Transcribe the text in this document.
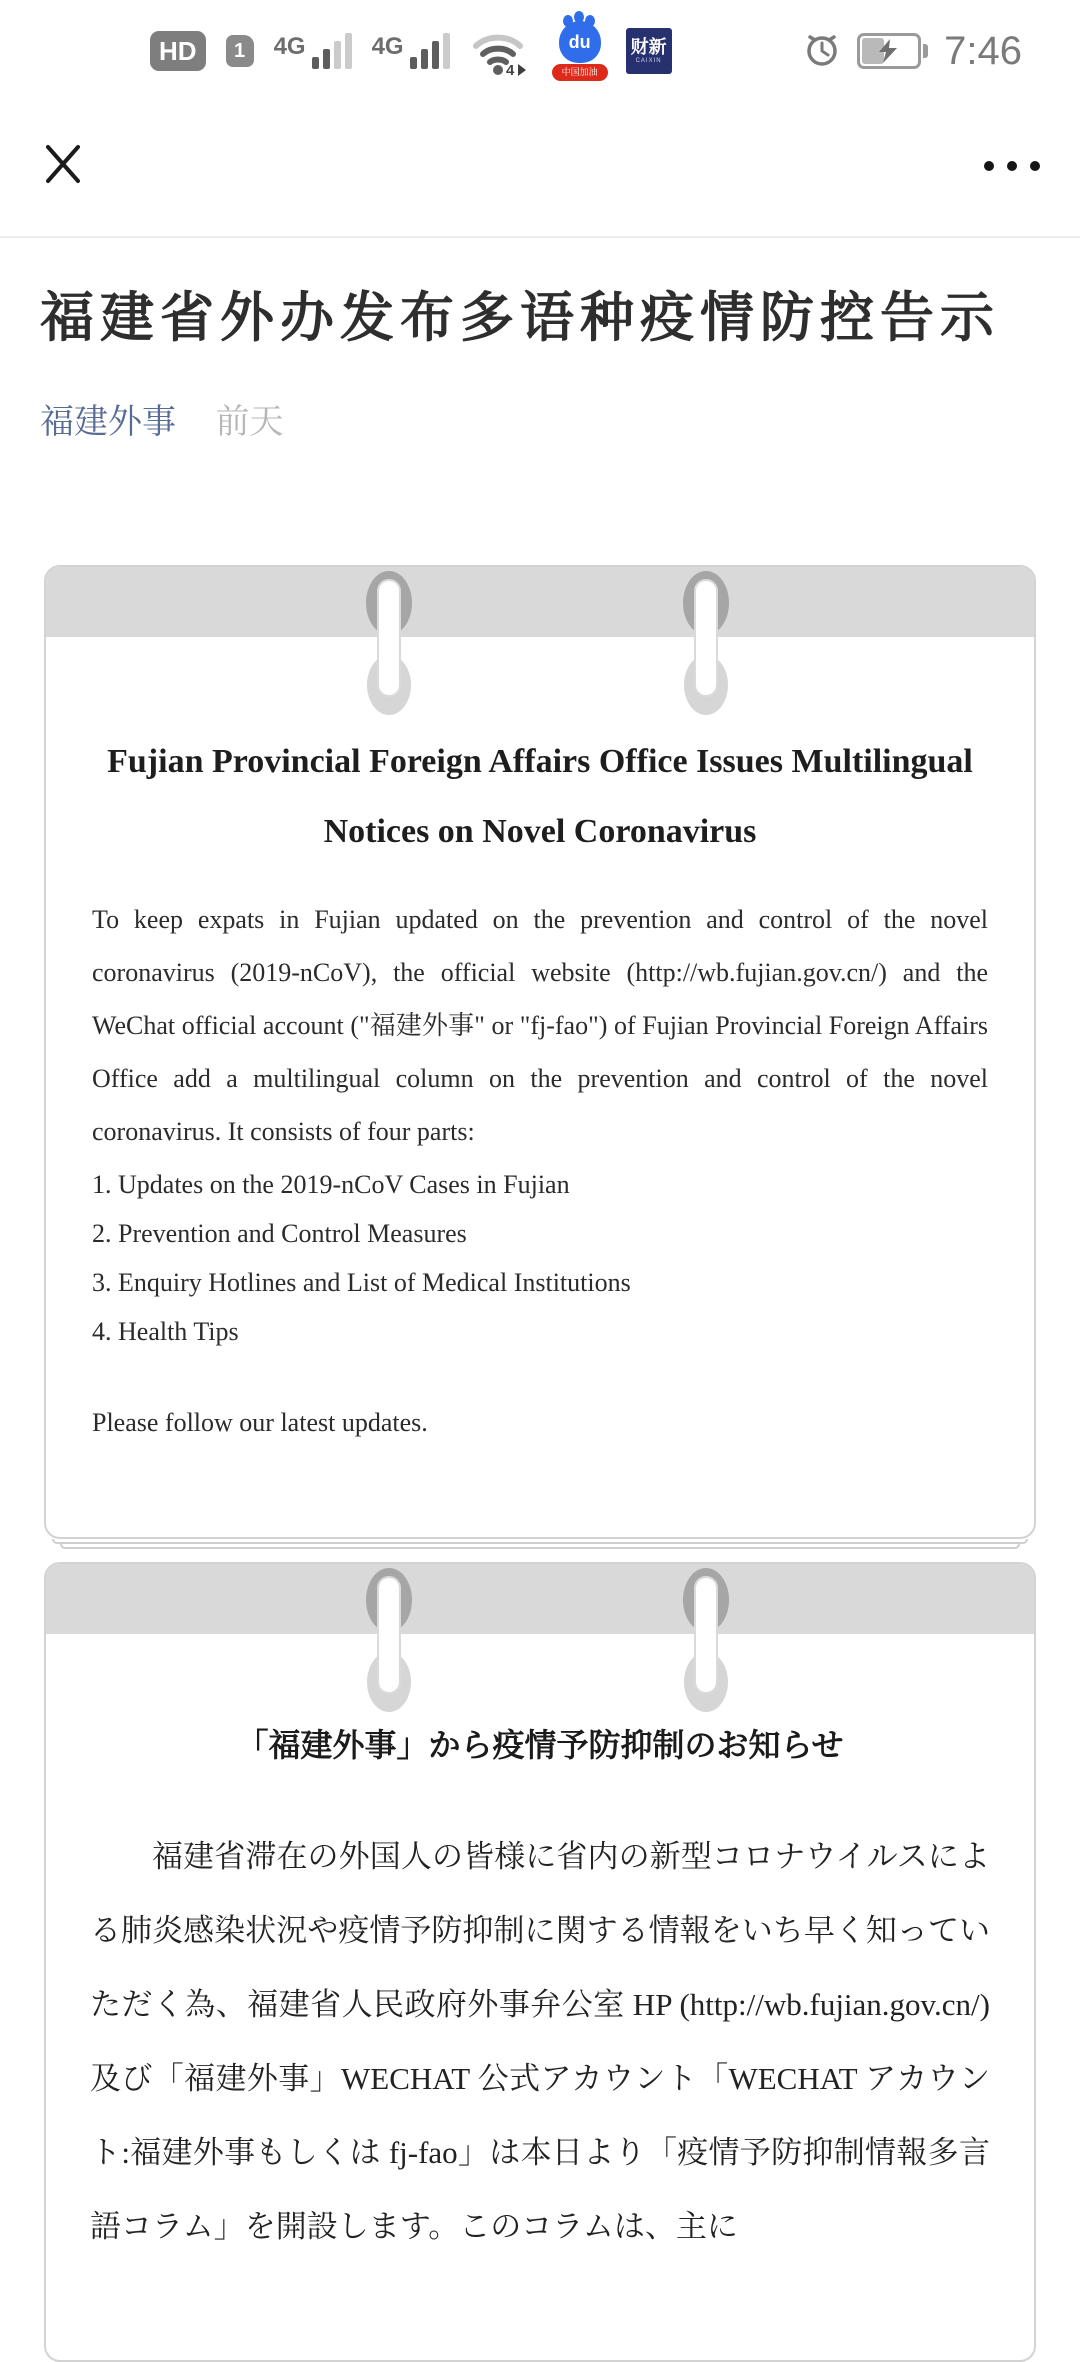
HD	1	4G	4G
4
du
中国加油
财新
CAIXIN	7:46
福建省外办发布多语种疫情防控告示
福建外事 前天
Fujian Provincial Foreign Affairs Office Issues Multilingual
Notices on Novel Coronavirus

To keep expats in Fujian updated on the prevention and control of the novel coronavirus (2019-nCoV), the official website (http://wb.fujian.gov.cn/) and the WeChat official account ("福建外事" or "fj-fao") of Fujian Provincial Foreign Affairs Office add a multilingual column on the prevention and control of the novel coronavirus. It consists of four parts:

1. Updates on the 2019-nCoV Cases in Fujian
2. Prevention and Control Measures
3. Enquiry Hotlines and List of Medical Institutions
4. Health Tips

Please follow our latest updates.

「福建外事」から疫情予防抑制のお知らせ

福建省滞在の外国人の皆様に省内の新型コロナウイルスによる肺炎感染状況や疫情予防抑制に関する情報をいち早く知っていただく為、福建省人民政府外事弁公室 HP (http://wb.fujian.gov.cn/) 及び「福建外事」WECHAT 公式アカウント「WECHAT アカウント:福建外事もしくは fj-fao」は本日より「疫情予防抑制情報多言語コラム」を開設します。このコラムは、主に
